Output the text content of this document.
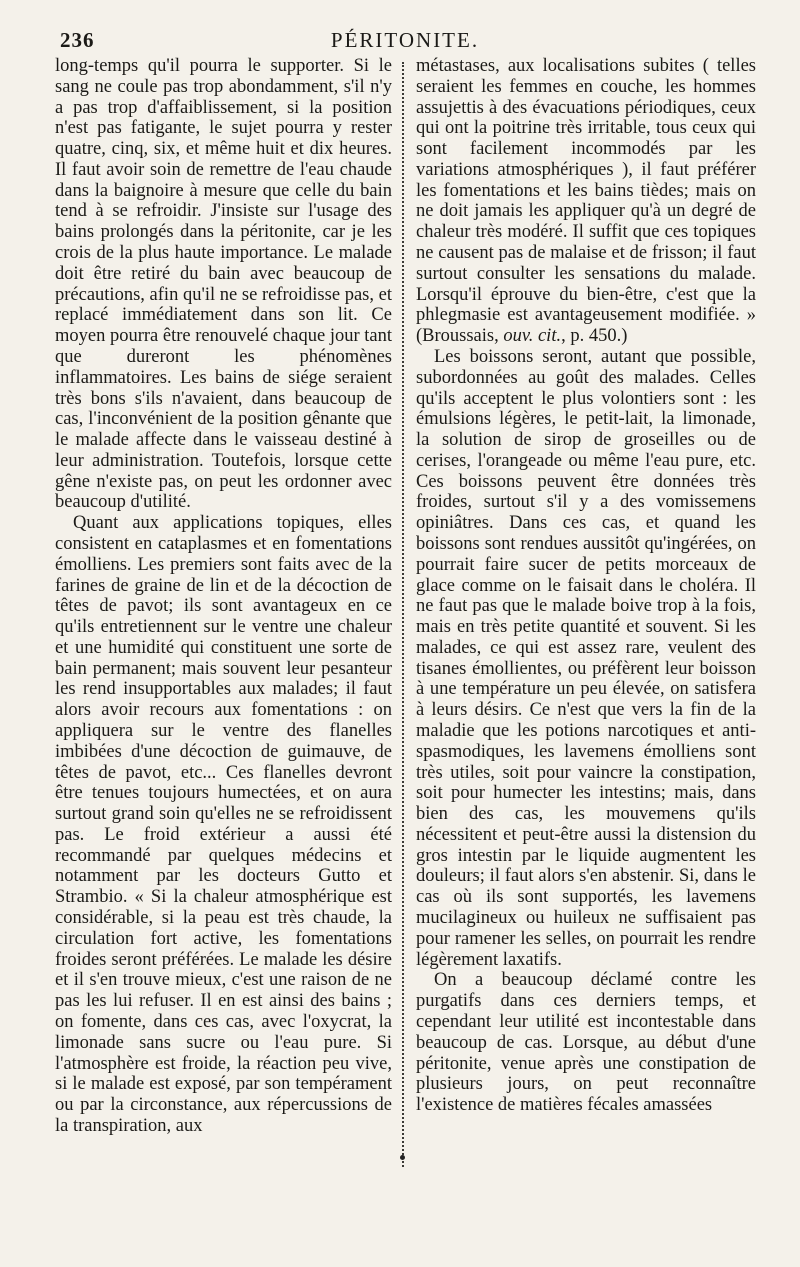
236	PÉRITONITE.

long-temps qu'il pourra le supporter. Si le sang ne coule pas trop abondamment, s'il n'y a pas trop d'affaiblissement, si la position n'est pas fatigante, le sujet pourra y rester quatre, cinq, six, et même huit et dix heures. Il faut avoir soin de remettre de l'eau chaude dans la baignoire à mesure que celle du bain tend à se refroidir. J'insiste sur l'usage des bains prolongés dans la péritonite, car je les crois de la plus haute importance. Le malade doit être retiré du bain avec beaucoup de précautions, afin qu'il ne se refroidisse pas, et replacé immédiatement dans son lit. Ce moyen pourra être renouvelé chaque jour tant que dureront les phénomènes inflammatoires. Les bains de siége seraient très bons s'ils n'avaient, dans beaucoup de cas, l'inconvénient de la position gênante que le malade affecte dans le vaisseau destiné à leur administration. Toutefois, lorsque cette gêne n'existe pas, on peut les ordonner avec beaucoup d'utilité.

Quant aux applications topiques, elles consistent en cataplasmes et en fomentations émolliens. Les premiers sont faits avec de la farines de graine de lin et de la décoction de têtes de pavot; ils sont avantageux en ce qu'ils entretiennent sur le ventre une chaleur et une humidité qui constituent une sorte de bain permanent; mais souvent leur pesanteur les rend insupportables aux malades; il faut alors avoir recours aux fomentations : on appliquera sur le ventre des flanelles imbibées d'une décoction de guimauve, de têtes de pavot, etc... Ces flanelles devront être tenues toujours humectées, et on aura surtout grand soin qu'elles ne se refroidissent pas. Le froid extérieur a aussi été recommandé par quelques médecins et notamment par les docteurs Gutto et Strambio. « Si la chaleur atmosphérique est considérable, si la peau est très chaude, la circulation fort active, les fomentations froides seront préférées. Le malade les désire et il s'en trouve mieux, c'est une raison de ne pas les lui refuser. Il en est ainsi des bains ; on fomente, dans ces cas, avec l'oxycrat, la limonade sans sucre ou l'eau pure. Si l'atmosphère est froide, la réaction peu vive, si le malade est exposé, par son tempérament ou par la circonstance, aux répercussions de la transpiration, aux

métastases, aux localisations subites ( telles seraient les femmes en couche, les hommes assujettis à des évacuations périodiques, ceux qui ont la poitrine très irritable, tous ceux qui sont facilement incommodés par les variations atmosphériques ), il faut préférer les fomentations et les bains tièdes; mais on ne doit jamais les appliquer qu'à un degré de chaleur très modéré. Il suffit que ces topiques ne causent pas de malaise et de frisson; il faut surtout consulter les sensations du malade. Lorsqu'il éprouve du bien-être, c'est que la phlegmasie est avantageusement modifiée. » (Broussais, ouv. cit., p. 450.)

Les boissons seront, autant que possible, subordonnées au goût des malades. Celles qu'ils acceptent le plus volontiers sont : les émulsions légères, le petit-lait, la limonade, la solution de sirop de groseilles ou de cerises, l'orangeade ou même l'eau pure, etc. Ces boissons peuvent être données très froides, surtout s'il y a des vomissemens opiniâtres. Dans ces cas, et quand les boissons sont rendues aussitôt qu'ingérées, on pourrait faire sucer de petits morceaux de glace comme on le faisait dans le choléra. Il ne faut pas que le malade boive trop à la fois, mais en très petite quantité et souvent. Si les malades, ce qui est assez rare, veulent des tisanes émollientes, ou préfèrent leur boisson à une température un peu élevée, on satisfera à leurs désirs. Ce n'est que vers la fin de la maladie que les potions narcotiques et anti-spasmodiques, les lavemens émolliens sont très utiles, soit pour vaincre la constipation, soit pour humecter les intestins; mais, dans bien des cas, les mouvemens qu'ils nécessitent et peut-être aussi la distension du gros intestin par le liquide augmentent les douleurs; il faut alors s'en abstenir. Si, dans le cas où ils sont supportés, les lavemens mucilagineux ou huileux ne suffisaient pas pour ramener les selles, on pourrait les rendre légèrement laxatifs.

On a beaucoup déclamé contre les purgatifs dans ces derniers temps, et cependant leur utilité est incontestable dans beaucoup de cas. Lorsque, au début d'une péritonite, venue après une constipation de plusieurs jours, on peut reconnaître l'existence de matières fécales amassées
